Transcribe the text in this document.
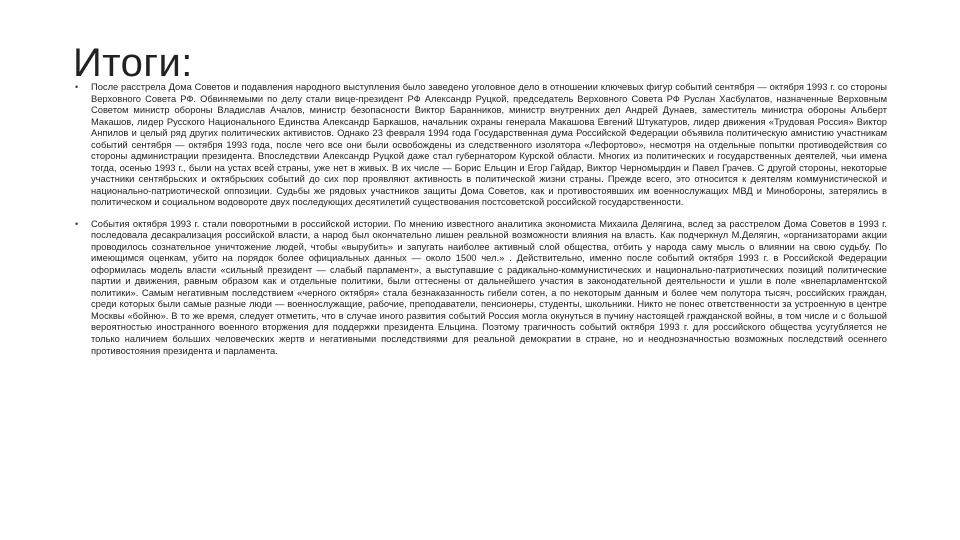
Итоги:
•	После расстрела Дома Советов и подавления народного выступления было заведено уголовное дело в отношении ключевых фигур событий сентября — октября 1993 г. со стороны Верховного Совета РФ. Обвиняемыми по делу стали вице-президент РФ Александр Руцкой, председатель Верховного Совета РФ Руслан Хасбулатов, назначенные Верховным Советом министр обороны Владислав Ачалов, министр безопасности Виктор Баранников, министр внутренних дел Андрей Дунаев, заместитель министра обороны Альберт Макашов, лидер Русского Национального Единства Александр Баркашов, начальник охраны генерала Макашова Евгений Штукатуров, лидер движения «Трудовая Россия» Виктор Анпилов и целый ряд других политических активистов. Однако 23 февраля 1994 года Государственная дума Российской Федерации объявила политическую амнистию участникам событий сентября — октября 1993 года, после чего все они были освобождены из следственного изолятора «Лефортово», несмотря на отдельные попытки противодействия со стороны администрации президента. Впоследствии Александр Руцкой даже стал губернатором Курской области. Многих из политических и государственных деятелей, чьи имена тогда, осенью 1993 г., были на устах всей страны, уже нет в живых. В их числе — Борис Ельцин и Егор Гайдар, Виктор Черномырдин и Павел Грачев. С другой стороны, некоторые участники сентябрьских и октябрьских событий до сих пор проявляют активность в политической жизни страны. Прежде всего, это относится к деятелям коммунистической и национально-патриотической оппозиции. Судьбы же рядовых участников защиты Дома Советов, как и противостоявших им военнослужащих МВД и Минобороны, затерялись в политическом и социальном водовороте двух последующих десятилетий существования постсоветской российской государственности.

•	События октября 1993 г. стали поворотными в российской истории. По мнению известного аналитика экономиста Михаила Делягина, вслед за расстрелом Дома Советов в 1993 г. последовала десакрализация российской власти, а народ был окончательно лишен реальной возможности влияния на власть. Как подчеркнул М.Делягин, «организаторами акции проводилось сознательное уничтожение людей, чтобы «вырубить» и запугать наиболее активный слой общества, отбить у народа саму мысль о влиянии на свою судьбу. По имеющимся оценкам, убито на порядок более официальных данных — около 1500 чел.» . Действительно, именно после событий октября 1993 г. в Российской Федерации оформилась модель власти «сильный президент — слабый парламент», а выступавшие с радикально-коммунистических и национально-патриотических позиций политические партии и движения, равным образом как и отдельные политики, были оттеснены от дальнейшего участия в законодательной деятельности и ушли в поле «внепарламентской политики». Самым негативным последствием «черного октября» стала безнаказанность гибели сотен, а по некоторым данным и более чем полутора тысяч, российских граждан, среди которых были самые разные люди — военнослужащие, рабочие, преподаватели, пенсионеры, студенты, школьники. Никто не понес ответственности за устроенную в центре Москвы «бойню». В то же время, следует отметить, что в случае иного развития событий Россия могла окунуться в пучину настоящей гражданской войны, в том числе и с большой вероятностью иностранного военного вторжения для поддержки президента Ельцина. Поэтому трагичность событий октября 1993 г. для российского общества усугубляется не только наличием больших человеческих жертв и негативными последствиями для реальной демократии в стране, но и неоднозначностью возможных последствий осеннего противостояния президента и парламента.
